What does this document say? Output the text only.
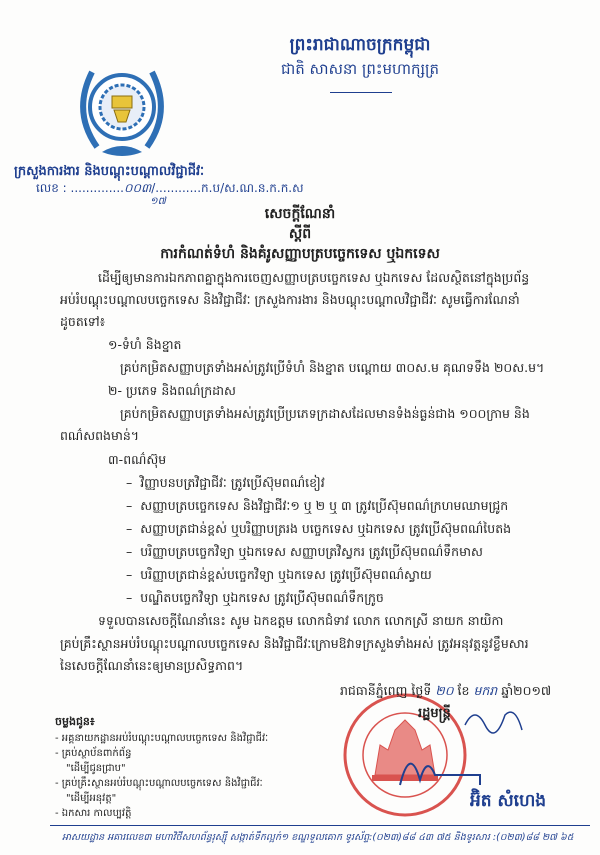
ព្រះរាជាណាចក្រកម្ពុជា
ជាតិ សាសនា ព្រះមហាក្សត្រ
ក្រសួងការងារ និងបណ្តុះបណ្តាលវិជ្ជាជីវៈ
លេខ : ..............០០៣/............ក.ប/ស.ណ.ន.ក.ក.ស
១៧
សេចក្តីណែនាំ
ស្តីពី
ការកំណត់ទំហំ និងគំរូសញ្ញាបត្របច្ចេកទេស ឬឯកទេស
ដើម្បីឲ្យមានការឯកភាពគ្នាក្នុងការចេញសញ្ញាបត្របច្ចេកទេស ឬឯកទេស ដែលស្ថិតនៅក្នុងប្រព័ន្ធ
អប់រំបណ្តុះបណ្តាលបច្ចេកទេស និងវិជ្ជាជីវៈ ក្រសួងការងារ និងបណ្តុះបណ្តាលវិជ្ជាជីវៈ សូមធ្វើការណែនាំ
ដូចតទៅ៖
១-ទំហំ និងខ្នាត
គ្រប់កម្រិតសញ្ញាបត្រទាំងអស់ត្រូវប្រើទំហំ និងខ្នាត បណ្តោយ ៣០ស.ម គុណទទឹង ២០ស.ម។
២- ប្រភេទ និងពណ៌ក្រដាស
គ្រប់កម្រិតសញ្ញាបត្រទាំងអស់ត្រូវប្រើប្រភេទក្រដាសដែលមានទំងន់ធ្ងន់ជាង ១០០ក្រាម និង
ពណ៌សពងមាន់។
៣-ពណ៌ស៊ុម
– វិញ្ញាបនបត្រវិជ្ជាជីវៈ ត្រូវប្រើស៊ុមពណ៌ខៀវ
– សញ្ញាបត្របច្ចេកទេស និងវិជ្ជាជីវៈ១ ឬ ២ ឬ ៣ ត្រូវប្រើស៊ុមពណ៌ក្រហមឈាមជ្រូក
– សញ្ញាបត្រជាន់ខ្ពស់ ឬបរិញ្ញាបត្ររង បច្ចេកទេស ឬឯកទេស ត្រូវប្រើស៊ុមពណ៌បៃតង
– បរិញ្ញាបត្របច្ចេកវិទ្យា ឬឯកទេស សញ្ញាបត្រវិស្វករ ត្រូវប្រើស៊ុមពណ៌ទឹកមាស
– បរិញ្ញាបត្រជាន់ខ្ពស់បច្ចេកវិទ្យា ឬឯកទេស ត្រូវប្រើស៊ុមពណ៌ស្វាយ
– បណ្ឌិតបច្ចេកវិទ្យា ឬឯកទេស ត្រូវប្រើស៊ុមពណ៌ទឹកក្រូច
ទទួលបានសេចក្តីណែនាំនេះ សូម ឯកឧត្តម លោកជំទាវ លោក លោកស្រី នាយក នាយិកា
គ្រប់គ្រឹះស្ថានអប់រំបណ្តុះបណ្តាលបច្ចេកទេស និងវិជ្ជាជីវៈក្រោមឱវាទក្រសួងទាំងអស់ ត្រូវអនុវត្តនូវខ្លឹមសារ
នៃសេចក្តីណែនាំនេះឲ្យមានប្រសិទ្ធភាព។
រាជធានីភ្នំពេញ ថ្ងៃទី ២០ ខែ មករា ឆ្នាំ២០១៧
រដ្ឋមន្ត្រី
អ៊ិត សំហេង
ចម្លងជូន៖
- អគ្គនាយកដ្ឋានអប់រំបណ្តុះបណ្តាលបច្ចេកទេស និងវិជ្ជាជីវៈ
- គ្រប់ស្ថាប័នពាក់ព័ន្ធ
"ដើម្បីជូនជ្រាប"
- គ្រប់គ្រឹះស្ថានអប់រំបណ្តុះបណ្តាលបច្ចេកទេស និងវិជ្ជាជីវៈ
"ដើម្បីអនុវត្ត"
- ឯកសារ កាលប្បវត្តិ
អាសយដ្ឋាន អគារលេខ៣ មហាវិថីសហព័ន្ធរុស្ស៊ី សង្កាត់ទឹកល្អក់១ ខណ្ឌទួលគោក ទូរស័ព្ទ:(០២៣)៨៨ ៤៣ ៧៥ និងទូរសារ :(០២៣)៨៨ ២៧ ៦៥
